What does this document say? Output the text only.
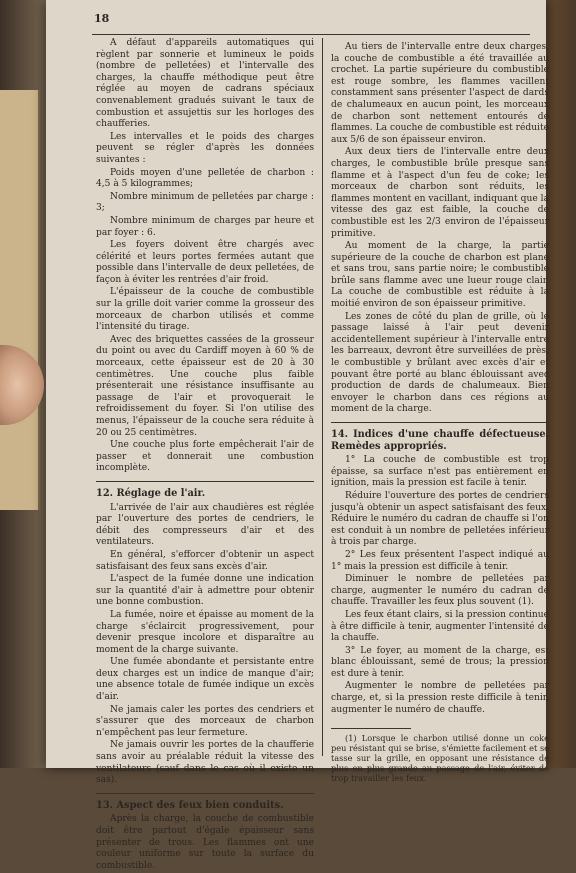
18

A défaut d'appareils automatiques qui règlent par sonnerie et lumineux le poids (nombre de pelletées) et l'intervalle des charges, la chauffe méthodique peut être réglée au moyen de cadrans spéciaux convenablement gradués suivant le taux de combustion et assujettis sur les horloges des chaufferies.

Les intervalles et le poids des charges peuvent se régler d'après les données suivantes :

Poids moyen d'une pelletée de charbon : 4,5 à 5 kilogrammes;

Nombre minimum de pelletées par charge : 3;

Nombre minimum de charges par heure et par foyer : 6.

Les foyers doivent être chargés avec célérité et leurs portes fermées autant que possible dans l'intervalle de deux pelletées, de façon à éviter les rentrées d'air froid.

L'épaisseur de la couche de combustible sur la grille doit varier comme la grosseur des morceaux de charbon utilisés et comme l'intensité du tirage.

Avec des briquettes cassées de la grosseur du point ou avec du Cardiff moyen à 60 % de morceaux, cette épaisseur est de 20 à 30 centimètres. Une couche plus faible présenterait une résistance insuffisante au passage de l'air et provoquerait le refroidissement du foyer. Si l'on utilise des menus, l'épaisseur de la couche sera réduite à 20 ou 25 centimètres.

Une couche plus forte empêcherait l'air de passer et donnerait une combustion incomplète.

12. Réglage de l'air.

L'arrivée de l'air aux chaudières est réglée par l'ouverture des portes de cendriers, le débit des compresseurs d'air et des ventilateurs.

En général, s'efforcer d'obtenir un aspect satisfaisant des feux sans excès d'air.

L'aspect de la fumée donne une indication sur la quantité d'air à admettre pour obtenir une bonne combustion.

La fumée, noire et épaisse au moment de la charge s'éclaircit progressivement, pour devenir presque incolore et disparaître au moment de la charge suivante.

Une fumée abondante et persistante entre deux charges est un indice de manque d'air; une absence totale de fumée indique un excès d'air.

Ne jamais caler les portes des cendriers et s'assurer que des morceaux de charbon n'empêchent pas leur fermeture.

Ne jamais ouvrir les portes de la chaufferie sans avoir au préalable réduit la vitesse des ventilateurs (sauf dans le cas où il existe un sas).

13. Aspect des feux bien conduits.

Après la charge, la couche de combustible doit être partout d'égale épaisseur sans présenter de trous. Les flammes ont une couleur uniforme sur toute la surface du combustible.

Au tiers de l'intervalle entre deux charges, la couche de combustible a été travaillée au crochet. La partie supérieure du combustible est rouge sombre, les flammes vacillent constamment sans présenter l'aspect de dards de chalumeaux en aucun point, les morceaux de charbon sont nettement entourés de flammes. La couche de combustible est réduite aux 5/6 de son épaisseur environ.

Aux deux tiers de l'intervalle entre deux charges, le combustible brûle presque sans flamme et à l'aspect d'un feu de coke; les morceaux de charbon sont réduits, les flammes montent en vacillant, indiquant que la vitesse des gaz est faible, la couche de combustible est les 2/3 environ de l'épaisseur primitive.

Au moment de la charge, la partie supérieure de la couche de charbon est plane et sans trou, sans partie noire; le combustible brûle sans flamme avec une lueur rouge clair. La couche de combustible est réduite à la moitié environ de son épaisseur primitive.

Les zones de côté du plan de grille, où le passage laissé à l'air peut devenir accidentellement supérieur à l'intervalle entre les barreaux, devront être surveillées de près, le combustible y brûlant avec excès d'air et pouvant être porté au blanc éblouissant avec production de dards de chalumeaux. Bien envoyer le charbon dans ces régions au moment de la charge.

14. Indices d'une chauffe défectueuse. Remèdes appropriés.

1° La couche de combustible est trop épaisse, sa surface n'est pas entièrement en ignition, mais la pression est facile à tenir.

Réduire l'ouverture des portes de cendriers jusqu'à obtenir un aspect satisfaisant des feux. Réduire le numéro du cadran de chauffe si l'on est conduit à un nombre de pelletées inférieur à trois par charge.

2° Les feux présentent l'aspect indiqué au 1° mais la pression est difficile à tenir.

Diminuer le nombre de pelletées par charge, augmenter le numéro du cadran de chauffe. Travailler les feux plus souvent (1).

Les feux étant clairs, si la pression continue à être difficile à tenir, augmenter l'intensité de la chauffe.

3° Le foyer, au moment de la charge, est blanc éblouissant, semé de trous; la pression est dure à tenir.

Augmenter le nombre de pelletées par charge, et, si la pression reste difficile à tenir, augmenter le numéro de chauffe.

(1) Lorsque le charbon utilisé donne un coke peu résistant qui se brise, s'émiette facilement et se tasse sur la grille, en opposant une résistance de plus en plus grande au passage de l'air, éviter de trop travailler les feux.
